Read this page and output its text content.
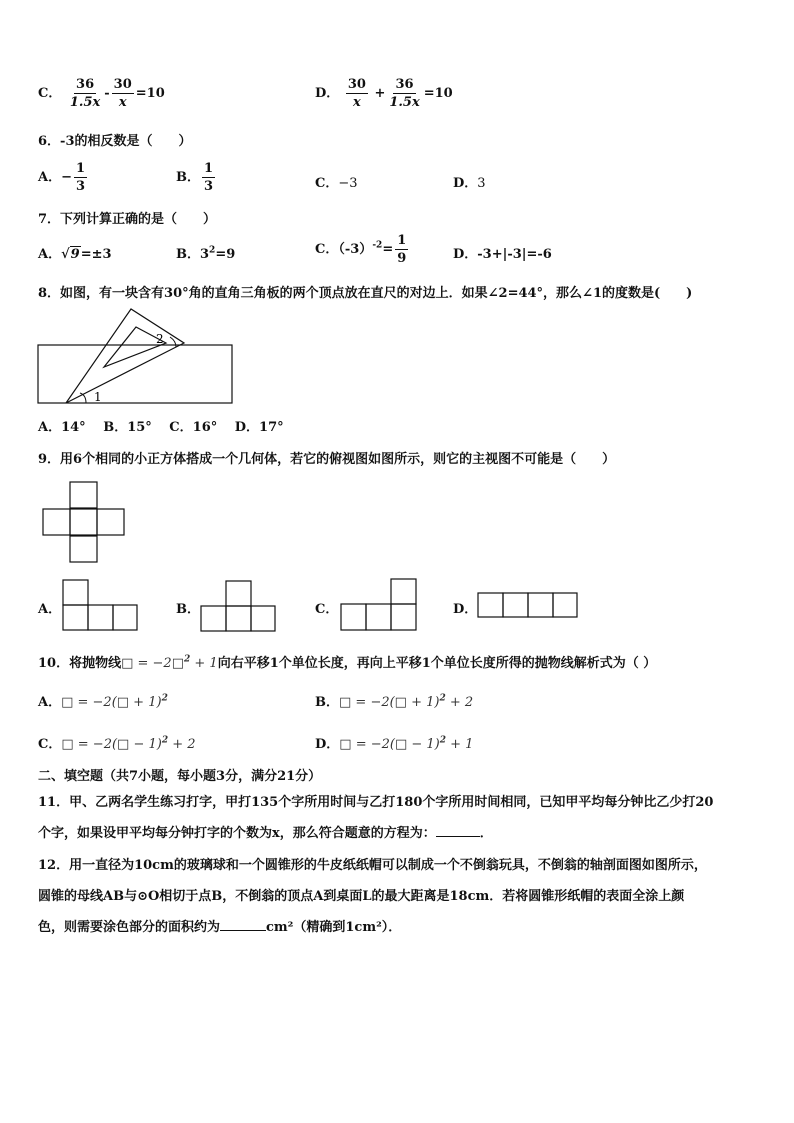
C． $\frac{36}{1.5x} - \frac{30}{x} =10$	D． $\frac{30}{x} + \frac{36}{1.5x} =10$
6．-3的相反数是（　　）
A．− $\frac{1}{3}$	B． $\frac{1}{3}$	C．−3	D．3
7．下列计算正确的是（　　）
A．√9=±3	B．$3^2=9$	C．$(-3)^{-2}= \frac{1}{9}$	D．-3+|-3|=-6
8．如图，有一块含有30°角的直角三角板的两个顶点放在直尺的对边上．如果∠2=44°，那么∠1的度数是(　　)
2
1
A．14°　 B．15°　 C．16°　 D．17°
9．用6个相同的小正方体搭成一个几何体，若它的俯视图如图所示，则它的主视图不可能是（　　）
A．	B．	C．	D．
10．将抛物线□ = −2□$^2$ + 1向右平移1个单位长度，再向上平移1个单位长度所得的抛物线解析式为（ ）
A．□ = −2(□ + 1)$^2$	B．□ = −2(□ + 1)$^2$ + 2
C．□ = −2(□ − 1)$^2$ + 2	D．□ = −2(□ − 1)$^2$ + 1
二、填空题（共7小题，每小题3分，满分21分）
11．甲、乙两名学生练习打字，甲打135个字所用时间与乙打180个字所用时间相同，已知甲平均每分钟比乙少打20
个字，如果设甲平均每分钟打字的个数为x，那么符合题意的方程为：	．
12．用一直径为10cm的玻璃球和一个圆锥形的牛皮纸纸帽可以制成一个不倒翁玩具，不倒翁的轴剖面图如图所示，
圆锥的母线AB与⊙O相切于点B，不倒翁的顶点A到桌面L的最大距离是18cm．若将圆锥形纸帽的表面全涂上颜
色，则需要涂色部分的面积约为	cm²（精确到1cm²）．
